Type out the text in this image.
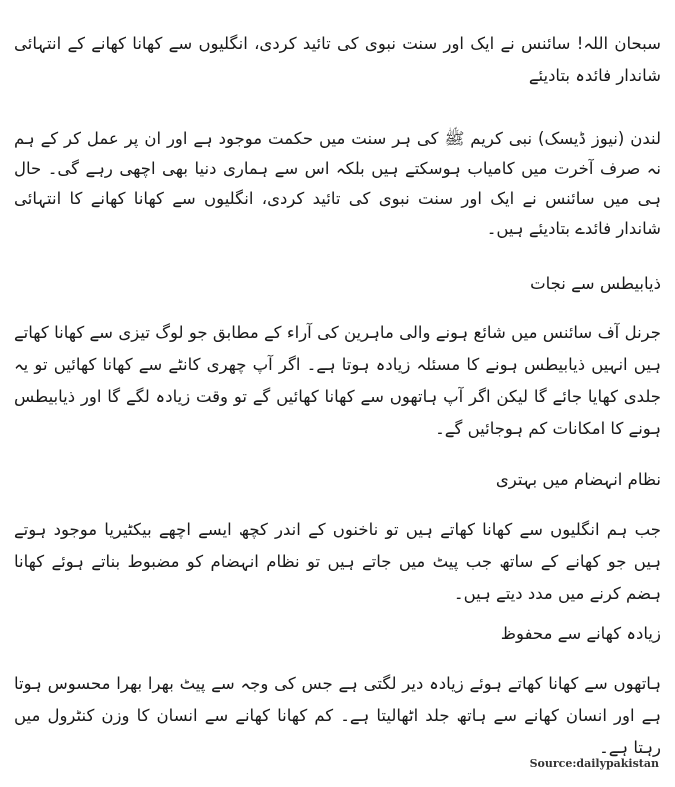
سبحان اللہ! سائنس نے ایک اور سنت نبوی کی تائید کردی، انگلیوں سے کھانا کھانے کے انتہائی شاندار فائدہ بتادیئے

لندن (نیوز ڈیسک) نبی کریم ﷺ کی ہر سنت میں حکمت موجود ہے اور ان پر عمل کر کے ہم نہ صرف آخرت میں کامیاب ہوسکتے ہیں بلکہ اس سے ہماری دنیا بھی اچھی رہے گی۔ حال ہی میں سائنس نے ایک اور سنت نبوی کی تائید کردی، انگلیوں سے کھانا کھانے کا انتہائی شاندار فائدے بتادیئے ہیں۔

ذیابیطس سے نجات

جرنل آف سائنس میں شائع ہونے والی ماہرین کی آراء کے مطابق جو لوگ تیزی سے کھانا کھاتے ہیں انہیں ذیابیطس ہونے کا مسئلہ زیادہ ہوتا ہے۔ اگر آپ چھری کانٹے سے کھانا کھائیں تو یہ جلدی کھایا جائے گا لیکن اگر آپ ہاتھوں سے کھانا کھائیں گے تو وقت زیادہ لگے گا اور ذیابیطس ہونے کا امکانات کم ہوجائیں گے۔

نظام انہضام میں بہتری

جب ہم انگلیوں سے کھانا کھاتے ہیں تو ناخنوں کے اندر کچھ ایسے اچھے بیکٹیریا موجود ہوتے ہیں جو کھانے کے ساتھ جب پیٹ میں جاتے ہیں تو نظام انہضام کو مضبوط بناتے ہوئے کھانا ہضم کرنے میں مدد دیتے ہیں۔

زیادہ کھانے سے محفوظ

ہاتھوں سے کھانا کھاتے ہوئے زیادہ دیر لگتی ہے جس کی وجہ سے پیٹ بھرا بھرا محسوس ہوتا ہے اور انسان کھانے سے ہاتھ جلد اٹھالیتا ہے۔ کم کھانا کھانے سے انسان کا وزن کنٹرول میں رہتا ہے۔

Source:dailypakistan
